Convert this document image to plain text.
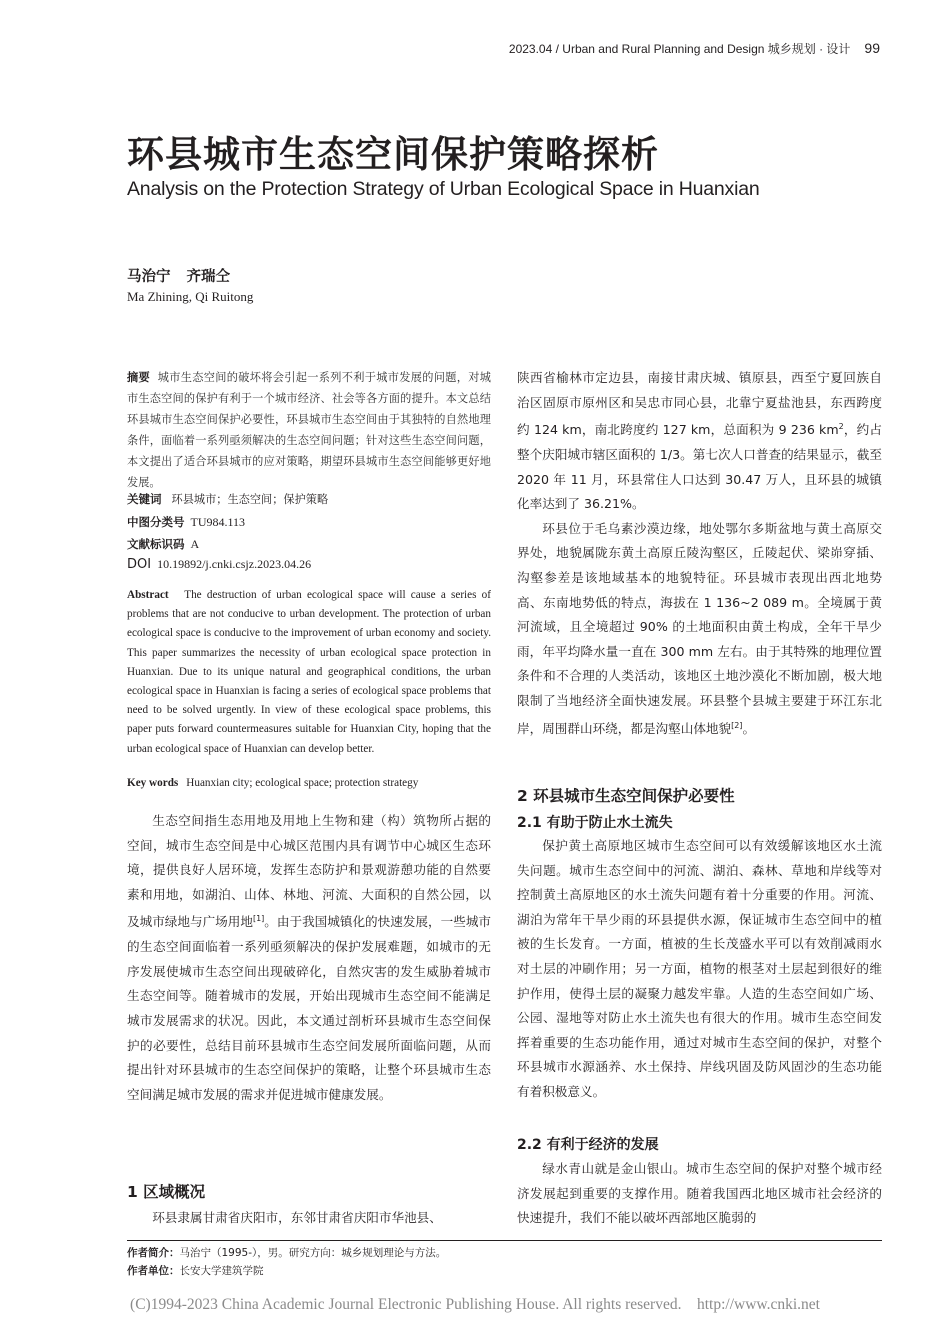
2023.04 / Urban and Rural Planning and Design 城乡规划 · 设计 99
环县城市生态空间保护策略探析
Analysis on the Protection Strategy of Urban Ecological Space in Huanxian
马治宁 齐瑞仝
Ma Zhining, Qi Ruitong
摘要 城市生态空间的破坏将会引起一系列不利于城市发展的问题，对城市生态空间的保护有利于一个城市经济、社会等各方面的提升。本文总结环县城市生态空间保护必要性，环县城市生态空间由于其独特的自然地理条件，面临着一系列亟须解决的生态空间问题；针对这些生态空间问题，本文提出了适合环县城市的应对策略，期望环县城市生态空间能够更好地发展。
关键词 环县城市；生态空间；保护策略
中图分类号 TU984.113
文献标识码 A
DOI 10.19892/j.cnki.csjz.2023.04.26
Abstract The destruction of urban ecological space will cause a series of problems that are not conducive to urban development. The protection of urban ecological space is conducive to the improvement of urban economy and society. This paper summarizes the necessity of urban ecological space protection in Huanxian. Due to its unique natural and geographical conditions, the urban ecological space in Huanxian is facing a series of ecological space problems that need to be solved urgently. In view of these ecological space problems, this paper puts forward countermeasures suitable for Huanxian City, hoping that the urban ecological space of Huanxian can develop better.
Key words Huanxian city; ecological space; protection strategy

生态空间指生态用地及用地上生物和建（构）筑物所占据的空间，城市生态空间是中心城区范围内具有调节中心城区生态环境，提供良好人居环境，发挥生态防护和景观游憩功能的自然要素和用地，如湖泊、山体、林地、河流、大面积的自然公园，以及城市绿地与广场用地[1]。由于我国城镇化的快速发展，一些城市的生态空间面临着一系列亟须解决的保护发展难题，如城市的无序发展使城市生态空间出现破碎化，自然灾害的发生威胁着城市生态空间等。随着城市的发展，开始出现城市生态空间不能满足城市发展需求的状况。因此，本文通过剖析环县城市生态空间保护的必要性，总结目前环县城市生态空间发展所面临问题，从而提出针对环县城市的生态空间保护的策略，让整个环县城市生态空间满足城市发展的需求并促进城市健康发展。

1 区域概况

环县隶属甘肃省庆阳市，东邻甘肃省庆阳市华池县、

陕西省榆林市定边县，南接甘肃庆城、镇原县，西至宁夏回族自治区固原市原州区和吴忠市同心县，北靠宁夏盐池县，东西跨度约 124 km，南北跨度约 127 km，总面积为 9 236 $km^2$，约占整个庆阳城市辖区面积的 1/3。第七次人口普查的结果显示，截至 2020 年 11 月，环县常住人口达到 30.47 万人，且环县的城镇化率达到了 36.21%。

环县位于毛乌素沙漠边缘，地处鄂尔多斯盆地与黄土高原交界处，地貌属陇东黄土高原丘陵沟壑区，丘陵起伏、梁峁穿插、沟壑参差是该地域基本的地貌特征。环县城市表现出西北地势高、东南地势低的特点，海拔在 1 136~2 089 m。全境属于黄河流域，且全境超过 90% 的土地面积由黄土构成，全年干旱少雨，年平均降水量一直在 300 mm 左右。由于其特殊的地理位置条件和不合理的人类活动，该地区土地沙漠化不断加剧，极大地限制了当地经济全面快速发展。环县整个县城主要建于环江东北岸，周围群山环绕，都是沟壑山体地貌[2]。

2 环县城市生态空间保护必要性
2.1 有助于防止水土流失

保护黄土高原地区城市生态空间可以有效缓解该地区水土流失问题。城市生态空间中的河流、湖泊、森林、草地和岸线等对控制黄土高原地区的水土流失问题有着十分重要的作用。河流、湖泊为常年干旱少雨的环县提供水源，保证城市生态空间中的植被的生长发育。一方面，植被的生长茂盛水平可以有效削减雨水对土层的冲刷作用；另一方面，植物的根茎对土层起到很好的维护作用，使得土层的凝聚力越发牢靠。人造的生态空间如广场、公园、湿地等对防止水土流失也有很大的作用。城市生态空间发挥着重要的生态功能作用，通过对城市生态空间的保护，对整个环县城市水源涵养、水土保持、岸线巩固及防风固沙的生态功能有着积极意义。

2.2 有利于经济的发展

绿水青山就是金山银山。城市生态空间的保护对整个城市经济发展起到重要的支撑作用。随着我国西北地区城市社会经济的快速提升，我们不能以破坏西部地区脆弱的

作者简介：马治宁（1995-），男。研究方向：城乡规划理论与方法。
作者单位：长安大学建筑学院
(C)1994-2023 China Academic Journal Electronic Publishing House. All rights reserved.    http://www.cnki.net
